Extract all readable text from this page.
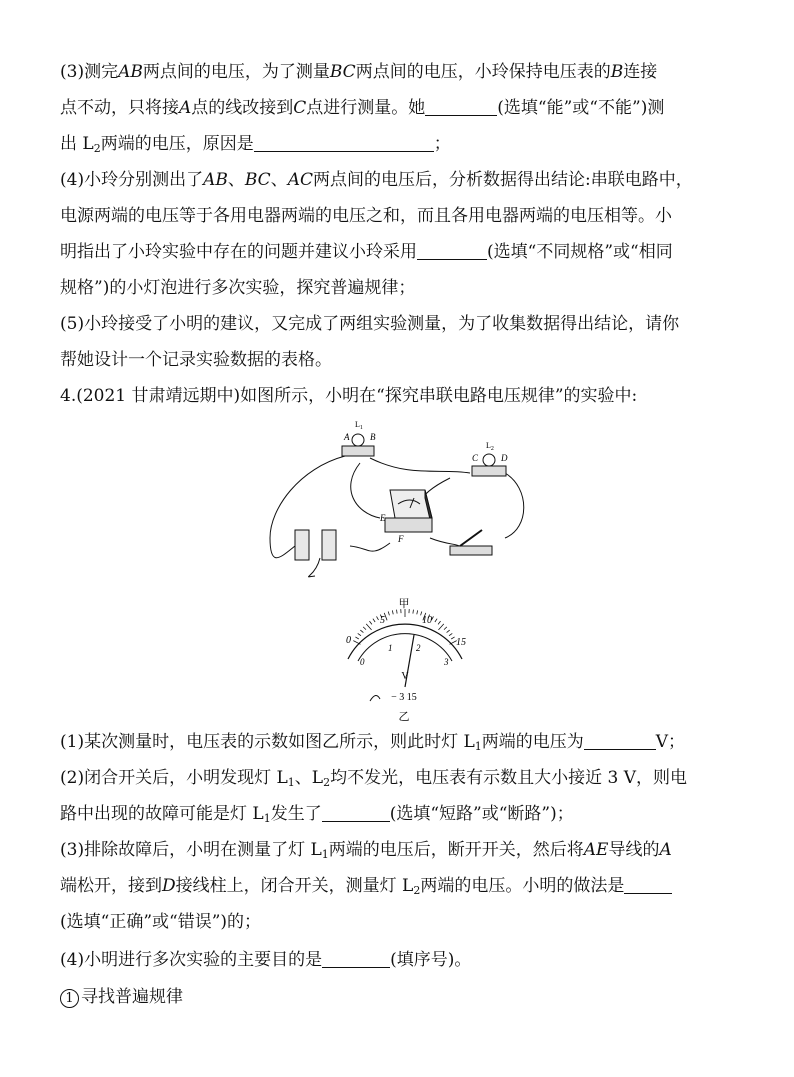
(3)测完AB两点间的电压，为了测量BC两点间的电压，小玲保持电压表的B连接
点不动，只将接A点的线改接到C点进行测量。她	(选填“能”或“不能”)测
出 $L_2$两端的电压，原因是	；
(4)小玲分别测出了AB、BC、AC两点间的电压后，分析数据得出结论:串联电路中，
电源两端的电压等于各用电器两端的电压之和，而且各用电器两端的电压相等。小
明指出了小玲实验中存在的问题并建议小玲采用	(选填“不同规格”或“相同
规格”)的小灯泡进行多次实验，探究普遍规律；
(5)小玲接受了小明的建议，又完成了两组实验测量，为了收集数据得出结论，请你
帮她设计一个记录实验数据的表格。
4.(2021 甘肃靖远期中)如图所示，小明在“探究串联电路电压规律”的实验中:
A B
$L_1$
C	D
$L_2$
E
F
甲
0
5	10
15
0
1	2
3
V
− 3 15
乙
(1)某次测量时，电压表的示数如图乙所示，则此时灯 $L_1$两端的电压为	V；
(2)闭合开关后，小明发现灯 $L_1$、$L_2$均不发光，电压表有示数且大小接近 3 V，则电
路中出现的故障可能是灯 $L_1$发生了	(选填“短路”或“断路”)；
(3)排除故障后，小明在测量了灯 $L_1$两端的电压后，断开开关，然后将AE导线的A
端松开，接到D接线柱上，闭合开关，测量灯 $L_2$两端的电压。小明的做法是
(选填“正确”或“错误”)的；
(4)小明进行多次实验的主要目的是	(填序号)。
1 寻找普遍规律
